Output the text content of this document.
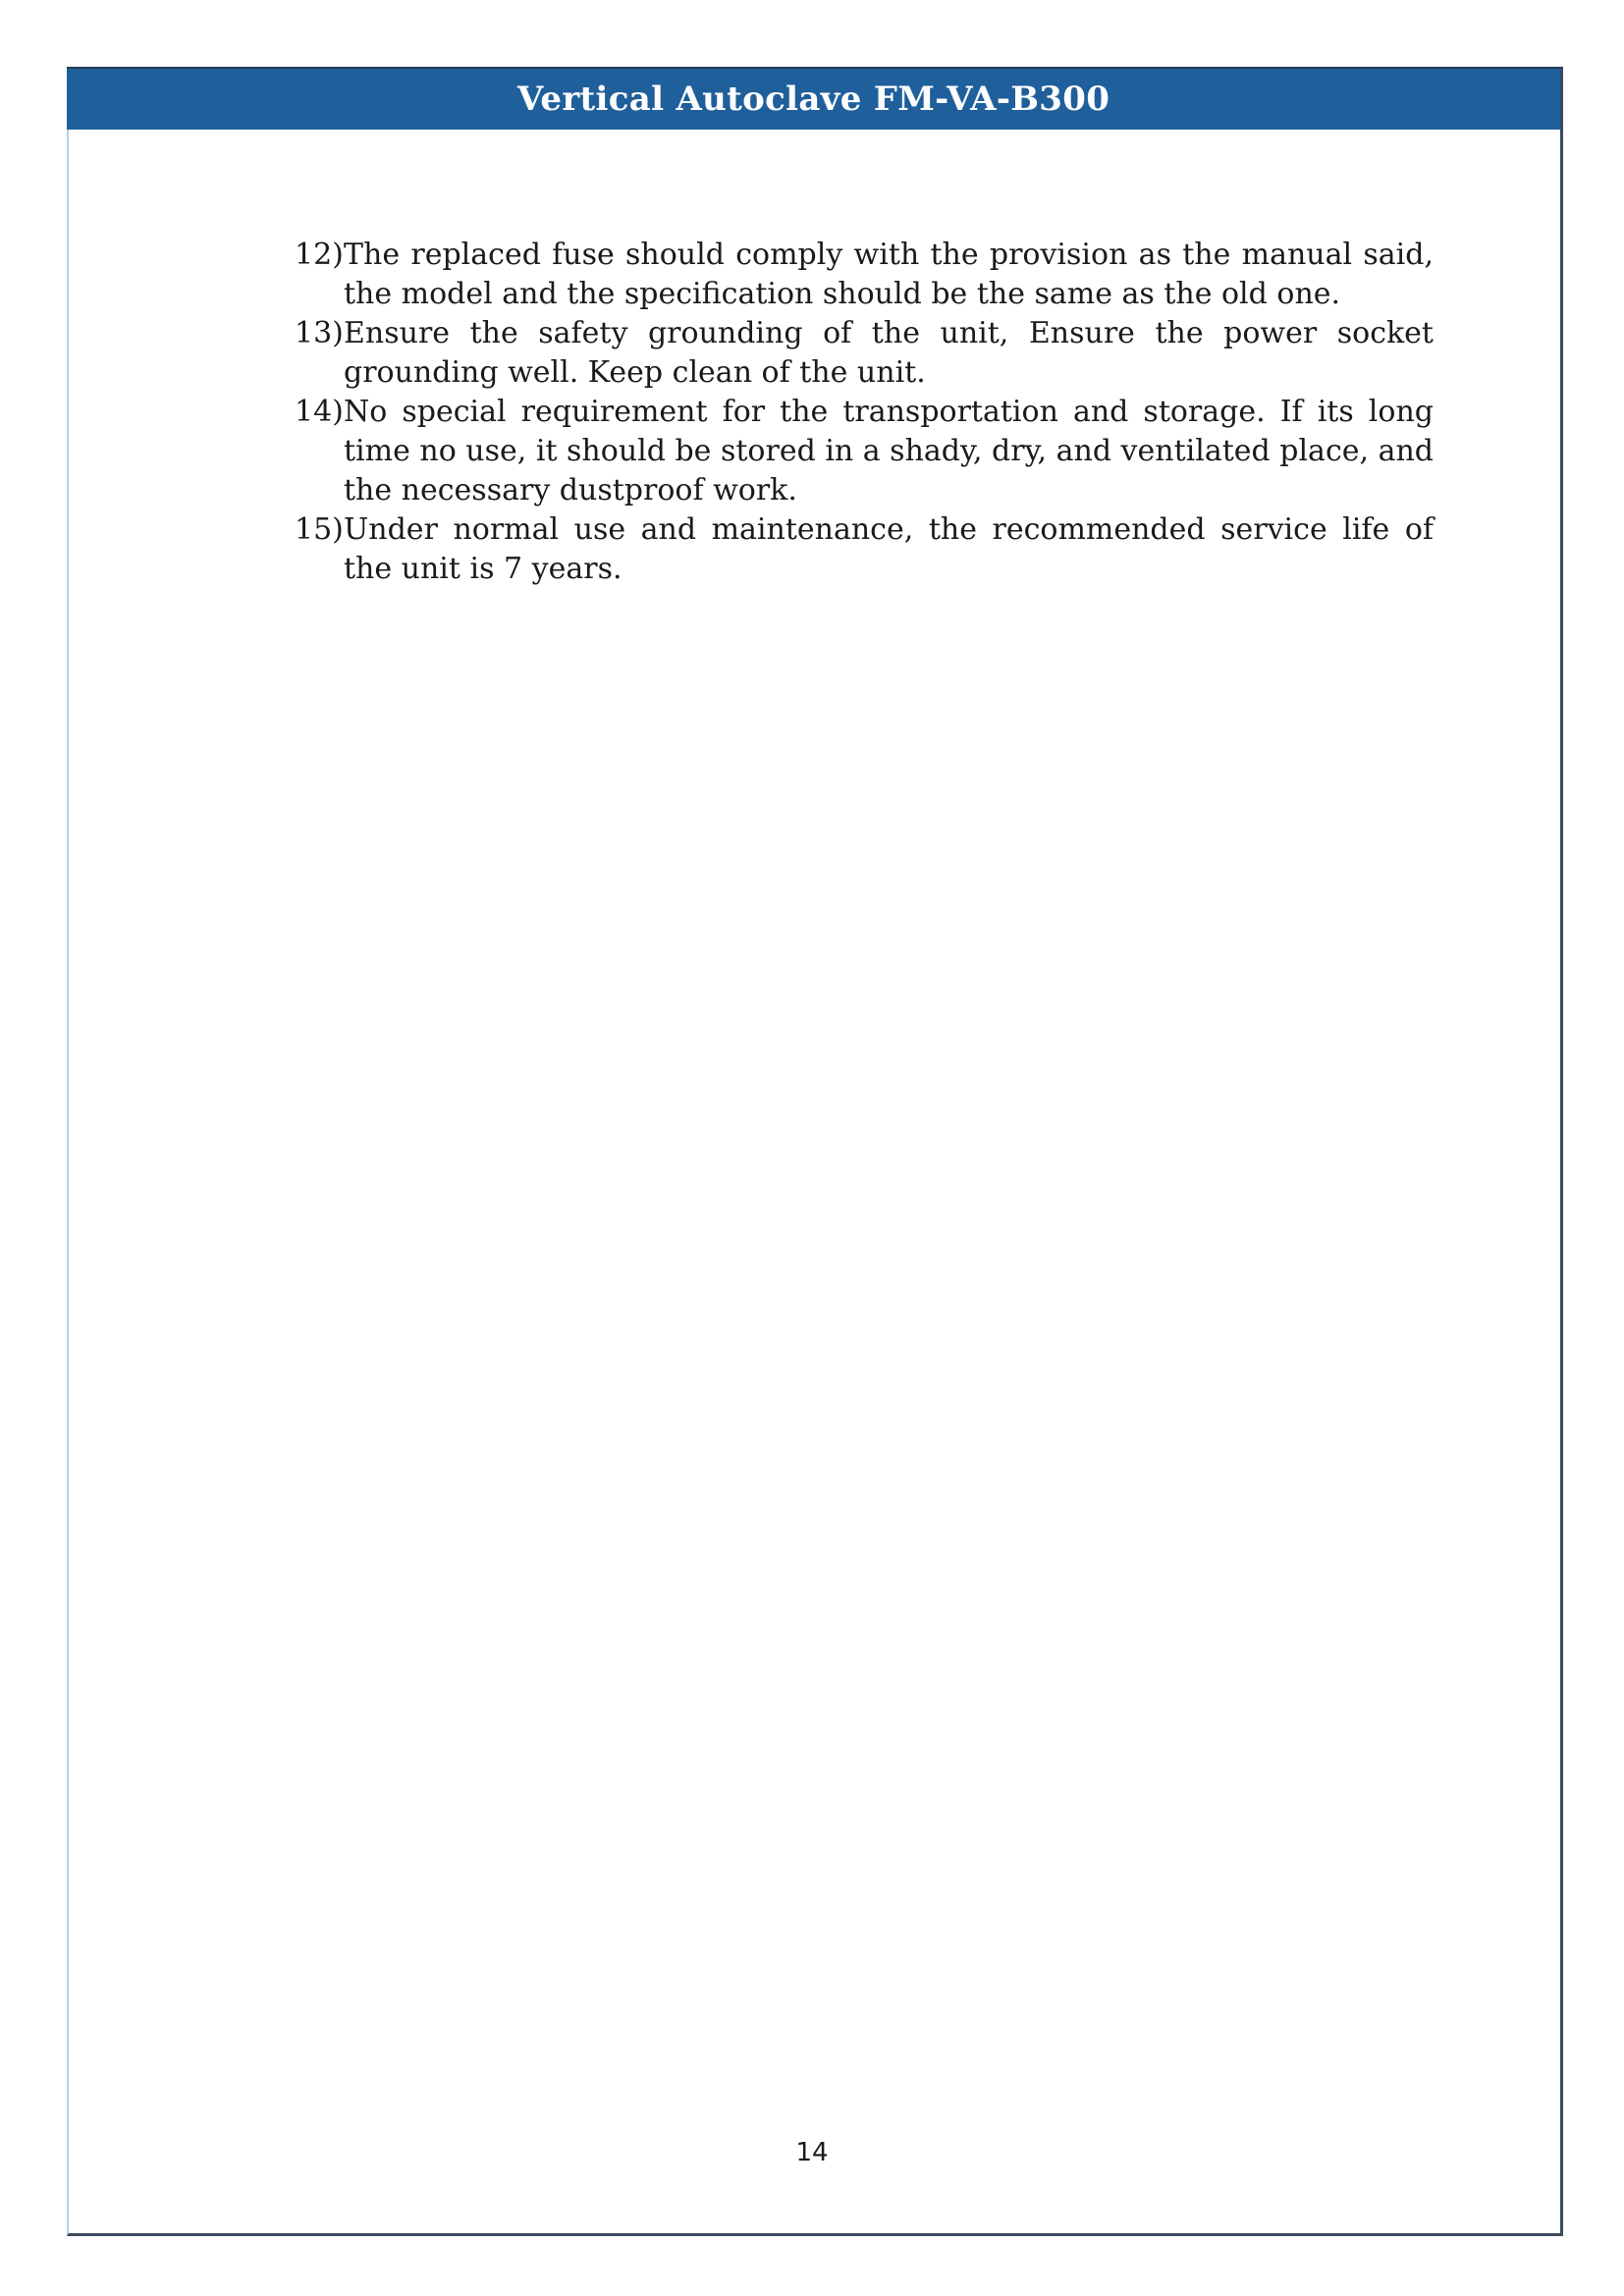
Vertical Autoclave FM-VA-B300
12) The replaced fuse should comply with the provision as the manual said, the model and the specification should be the same as the old one.
13) Ensure the safety grounding of the unit, Ensure the power socket grounding well. Keep clean of the unit.
14) No special requirement for the transportation and storage. If its long time no use, it should be stored in a shady, dry, and ventilated place, and the necessary dustproof work.
15) Under normal use and maintenance, the recommended service life of the unit is 7 years.
14
